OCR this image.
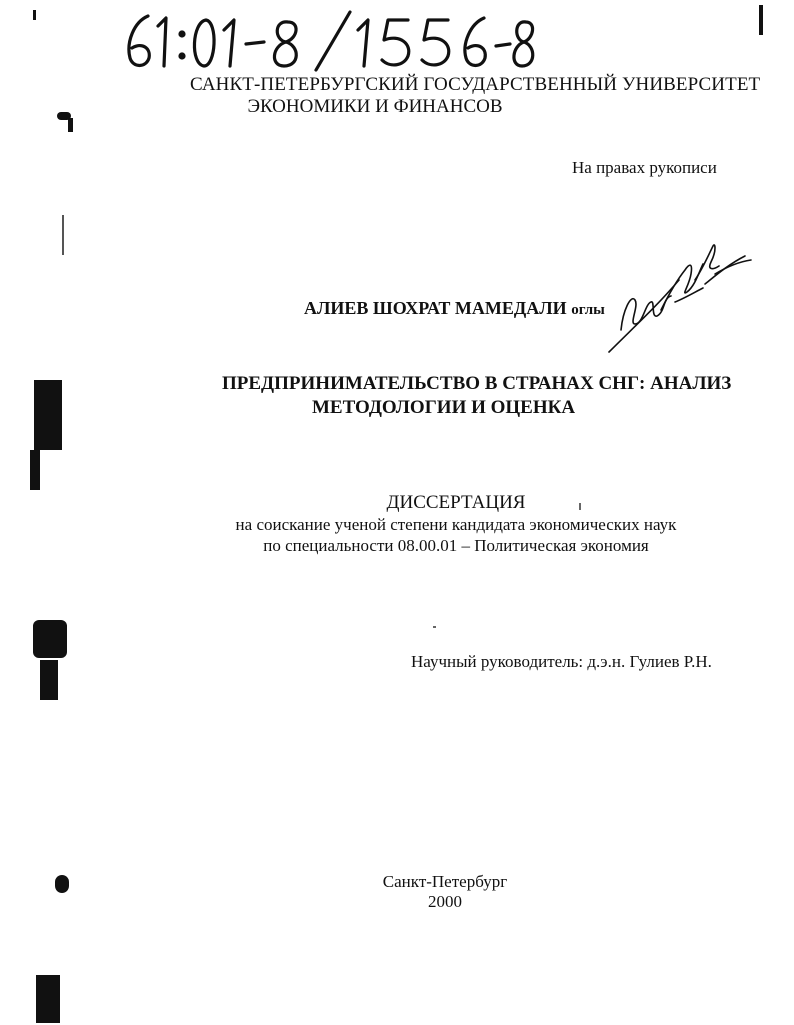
САНКТ-ПЕТЕРБУРГСКИЙ ГОСУДАРСТВЕННЫЙ УНИВЕРСИТЕТ
ЭКОНОМИКИ И ФИНАНСОВ
На правах рукописи
АЛИЕВ ШОХРАТ МАМЕДАЛИ оглы
ПРЕДПРИНИМАТЕЛЬСТВО В СТРАНАХ СНГ: АНАЛИЗ
МЕТОДОЛОГИИ И ОЦЕНКА
ДИССЕРТАЦИЯ
на соискание ученой степени кандидата экономических наук
по специальности 08.00.01 – Политическая экономия
Научный руководитель: д.э.н. Гулиев Р.Н.
Санкт-Петербург
2000
